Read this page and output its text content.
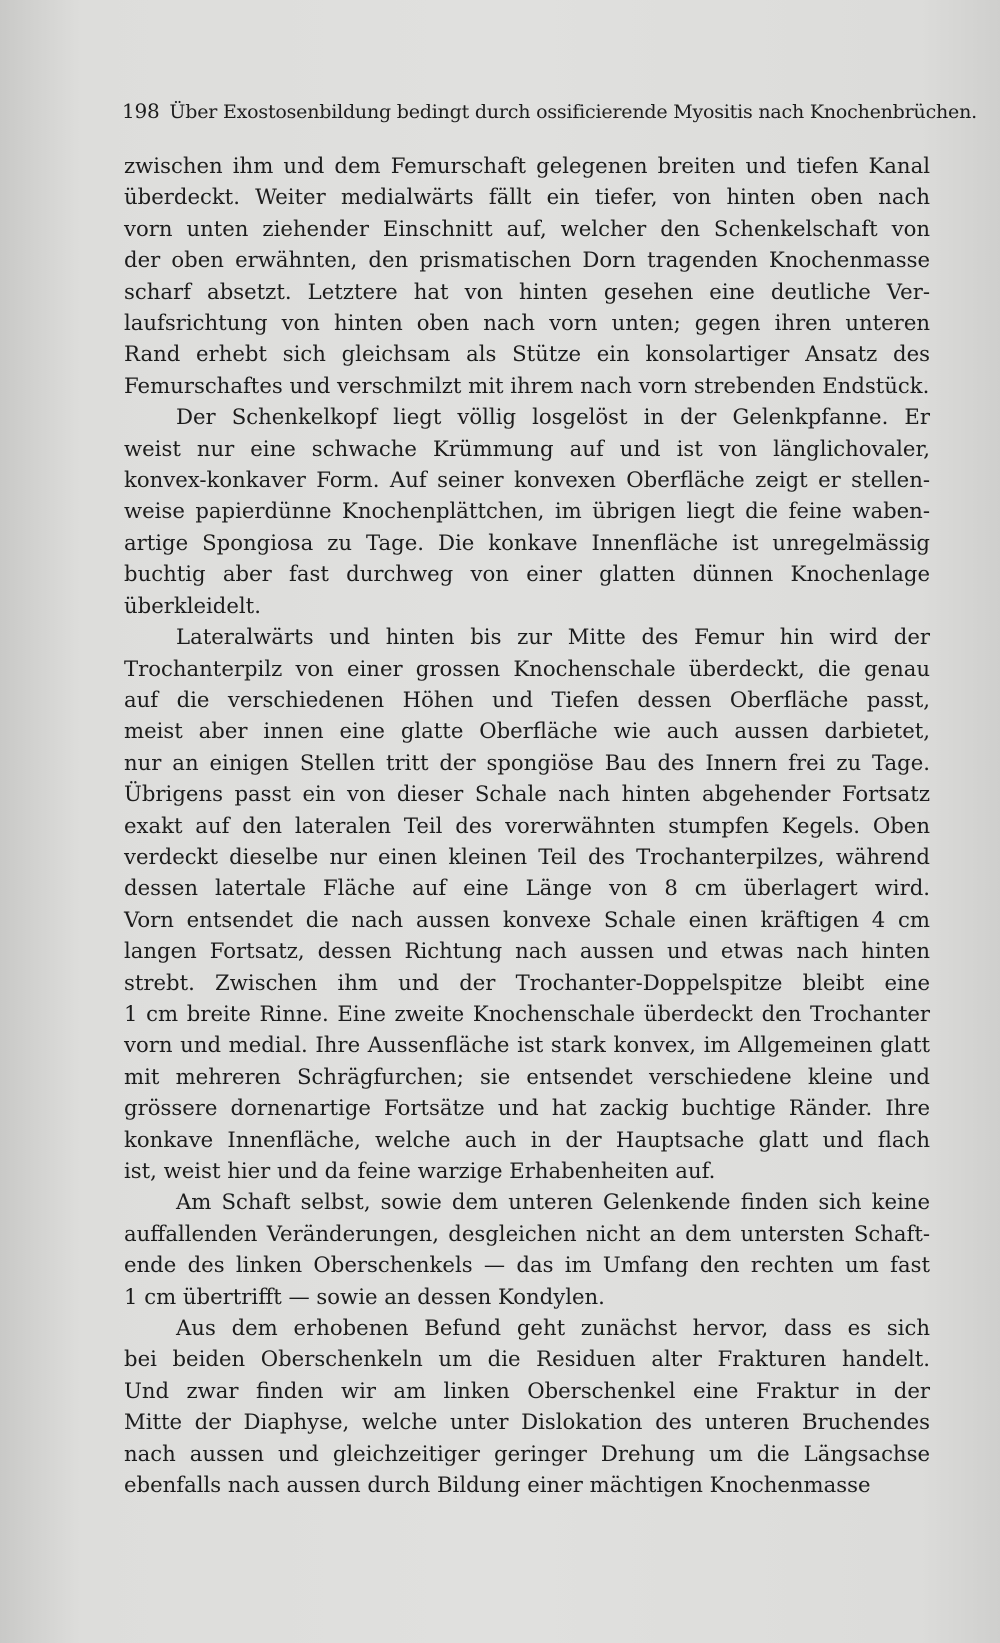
198 Über Exostosenbildung bedingt durch ossificierende Myositis nach Knochenbrüchen.
zwischen ihm und dem Femurschaft gelegenen breiten und tiefen Kanal
überdeckt. Weiter medialwärts fällt ein tiefer, von hinten oben nach
vorn unten ziehender Einschnitt auf, welcher den Schenkelschaft von
der oben erwähnten, den prismatischen Dorn tragenden Knochenmasse
scharf absetzt. Letztere hat von hinten gesehen eine deutliche Ver-
laufsrichtung von hinten oben nach vorn unten; gegen ihren unteren
Rand erhebt sich gleichsam als Stütze ein konsolartiger Ansatz des
Femurschaftes und verschmilzt mit ihrem nach vorn strebenden Endstück.
Der Schenkelkopf liegt völlig losgelöst in der Gelenkpfanne. Er
weist nur eine schwache Krümmung auf und ist von länglichovaler,
konvex-konkaver Form. Auf seiner konvexen Oberfläche zeigt er stellen-
weise papierdünne Knochenplättchen, im übrigen liegt die feine waben-
artige Spongiosa zu Tage. Die konkave Innenfläche ist unregelmässig
buchtig aber fast durchweg von einer glatten dünnen Knochenlage
überkleidelt.
Lateralwärts und hinten bis zur Mitte des Femur hin wird der
Trochanterpilz von einer grossen Knochenschale überdeckt, die genau
auf die verschiedenen Höhen und Tiefen dessen Oberfläche passt,
meist aber innen eine glatte Oberfläche wie auch aussen darbietet,
nur an einigen Stellen tritt der spongiöse Bau des Innern frei zu Tage.
Übrigens passt ein von dieser Schale nach hinten abgehender Fortsatz
exakt auf den lateralen Teil des vorerwähnten stumpfen Kegels. Oben
verdeckt dieselbe nur einen kleinen Teil des Trochanterpilzes, während
dessen latertale Fläche auf eine Länge von 8 cm überlagert wird.
Vorn entsendet die nach aussen konvexe Schale einen kräftigen 4 cm
langen Fortsatz, dessen Richtung nach aussen und etwas nach hinten
strebt. Zwischen ihm und der Trochanter-Doppelspitze bleibt eine
1 cm breite Rinne. Eine zweite Knochenschale überdeckt den Trochanter
vorn und medial. Ihre Aussenfläche ist stark konvex, im Allgemeinen glatt
mit mehreren Schrägfurchen; sie entsendet verschiedene kleine und
grössere dornenartige Fortsätze und hat zackig buchtige Ränder. Ihre
konkave Innenfläche, welche auch in der Hauptsache glatt und flach
ist, weist hier und da feine warzige Erhabenheiten auf.
Am Schaft selbst, sowie dem unteren Gelenkende finden sich keine
auffallenden Veränderungen, desgleichen nicht an dem untersten Schaft-
ende des linken Oberschenkels — das im Umfang den rechten um fast
1 cm übertrifft — sowie an dessen Kondylen.
Aus dem erhobenen Befund geht zunächst hervor, dass es sich
bei beiden Oberschenkeln um die Residuen alter Frakturen handelt.
Und zwar finden wir am linken Oberschenkel eine Fraktur in der
Mitte der Diaphyse, welche unter Dislokation des unteren Bruchendes
nach aussen und gleichzeitiger geringer Drehung um die Längsachse
ebenfalls nach aussen durch Bildung einer mächtigen Knochenmasse
